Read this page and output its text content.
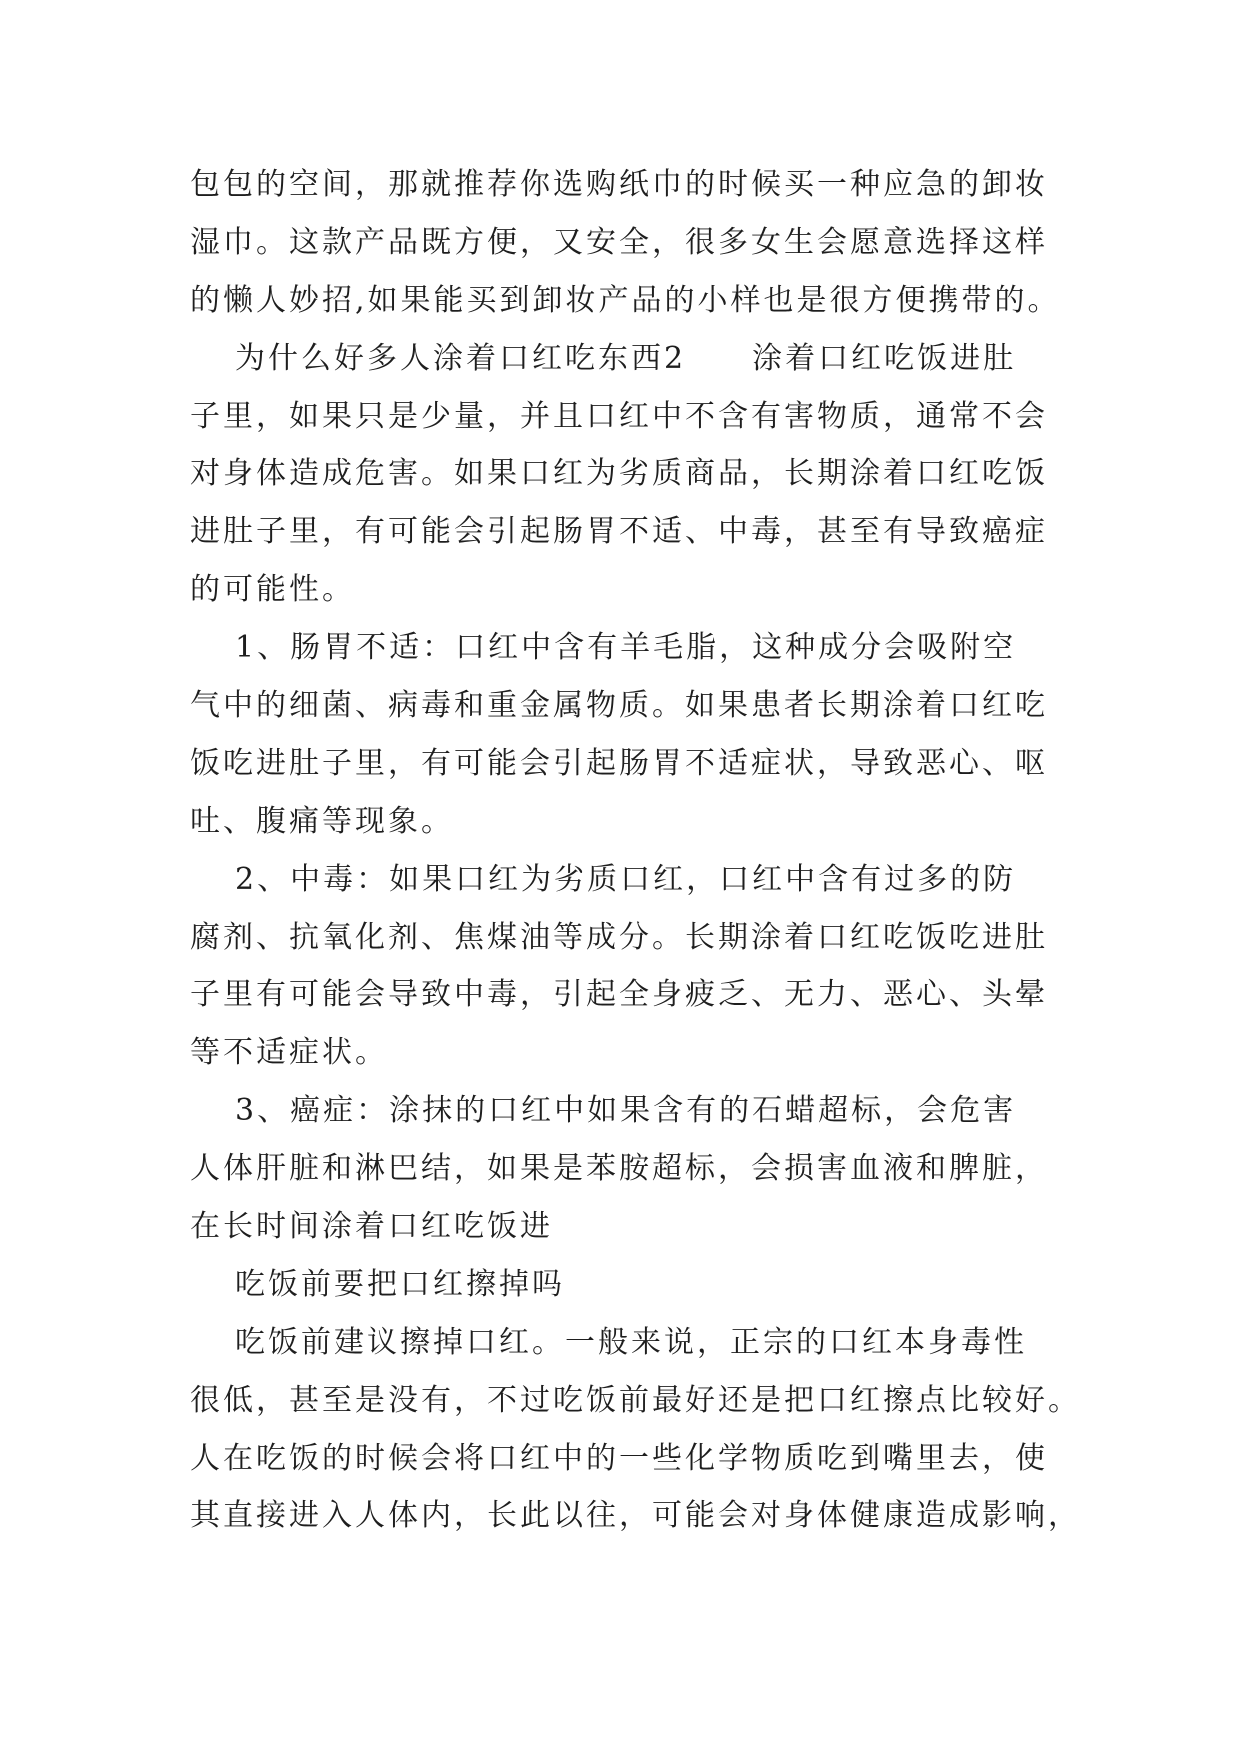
包包的空间，那就推荐你选购纸巾的时候买一种应急的卸妆
湿巾。这款产品既方便，又安全，很多女生会愿意选择这样
的懒人妙招,如果能买到卸妆产品的小样也是很方便携带的。
为什么好多人涂着口红吃东西2　　涂着口红吃饭进肚
子里，如果只是少量，并且口红中不含有害物质，通常不会
对身体造成危害。如果口红为劣质商品，长期涂着口红吃饭
进肚子里，有可能会引起肠胃不适、中毒，甚至有导致癌症
的可能性。
1、肠胃不适：口红中含有羊毛脂，这种成分会吸附空
气中的细菌、病毒和重金属物质。如果患者长期涂着口红吃
饭吃进肚子里，有可能会引起肠胃不适症状，导致恶心、呕
吐、腹痛等现象。
2、中毒：如果口红为劣质口红，口红中含有过多的防
腐剂、抗氧化剂、焦煤油等成分。长期涂着口红吃饭吃进肚
子里有可能会导致中毒，引起全身疲乏、无力、恶心、头晕
等不适症状。
3、癌症：涂抹的口红中如果含有的石蜡超标，会危害
人体肝脏和淋巴结，如果是苯胺超标，会损害血液和脾脏，
在长时间涂着口红吃饭进
吃饭前要把口红擦掉吗
吃饭前建议擦掉口红。一般来说，正宗的口红本身毒性
很低，甚至是没有，不过吃饭前最好还是把口红擦点比较好。
人在吃饭的时候会将口红中的一些化学物质吃到嘴里去，使
其直接进入人体内，长此以往，可能会对身体健康造成影响，
